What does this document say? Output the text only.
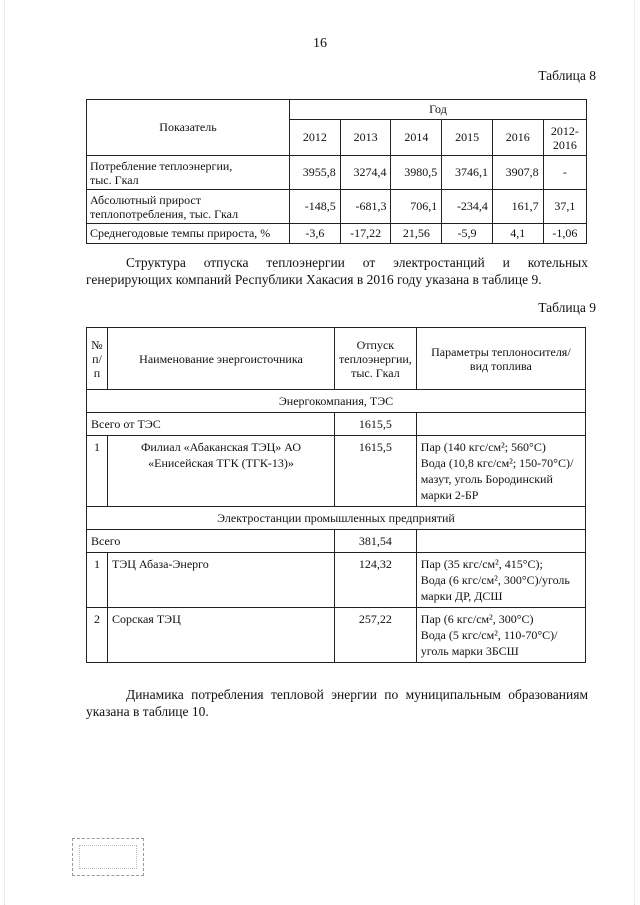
16
Таблица 8
Показатель	Год					
	2012	2013	2014	2015	2016	2012-
2016
Потребление теплоэнергии,
тыс. Гкал	3955,8	3274,4	3980,5	3746,1	3907,8	-
Абсолютный прирост
теплопотребления, тыс. Гкал	-148,5	-681,3	706,1	-234,4	161,7	37,1
Среднегодовые темпы прироста, %	-3,6	-17,22	21,56	-5,9	4,1	-1,06
Структура отпуска теплоэнергии от электростанций и котельных генерирующих компаний Республики Хакасия в 2016 году указана в таблице 9.
Таблица 9
№
п/п	Наименование энергоисточника	Отпуск
теплоэнергии,
тыс. Гкал	Параметры теплоносителя/
вид топлива
Энергокомпания, ТЭС			
Всего от ТЭС		1615,5	
1	Филиал «Абаканская ТЭЦ» АО
«Енисейская ТГК (ТГК-13)»	1615,5	Пар (140 кгс/см²; 560°С)
Вода (10,8 кгс/см²; 150-70°С)/
мазут, уголь Бородинский
марки 2-БР
Электростанции промышленных предприятий			
Всего		381,54	
1	ТЭЦ Абаза-Энерго	124,32	Пар (35 кгс/см², 415°С);
Вода (6 кгс/см², 300°С)/уголь
марки ДР, ДСШ
2	Сорская ТЭЦ	257,22	Пар (6 кгс/см², 300°С)
Вода (5 кгс/см², 110-70°С)/
уголь марки 3БСШ
Динамика потребления тепловой энергии по муниципальным образованиям указана в таблице 10.
